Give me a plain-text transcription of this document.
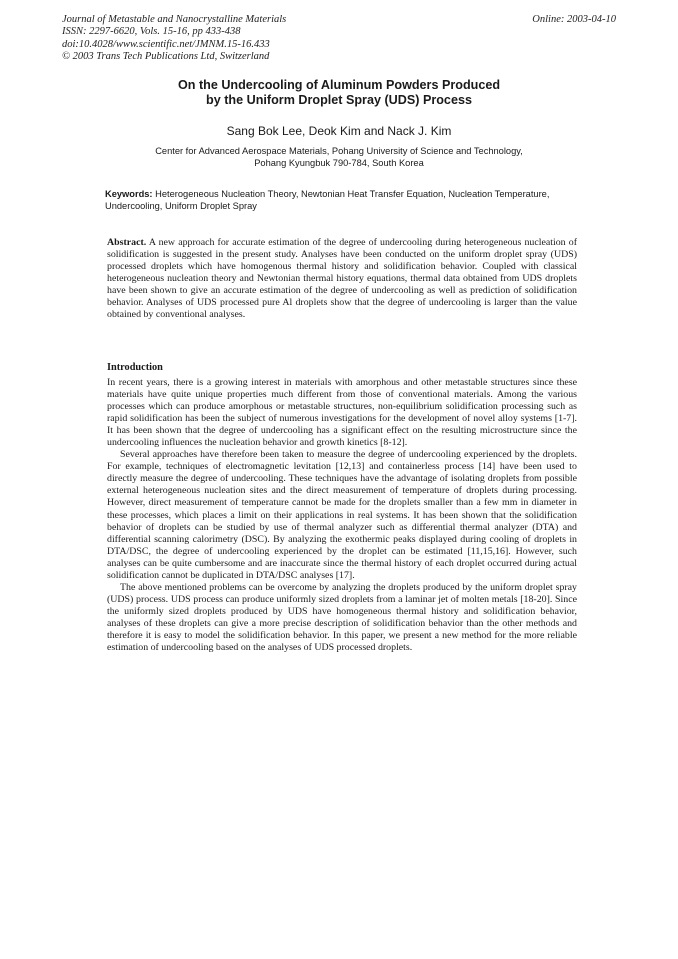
Journal of Metastable and Nanocrystalline Materials
ISSN: 2297-6620, Vols. 15-16, pp 433-438
doi:10.4028/www.scientific.net/JMNM.15-16.433
© 2003 Trans Tech Publications Ltd, Switzerland
Online: 2003-04-10
On the Undercooling of Aluminum Powders Produced
by the Uniform Droplet Spray (UDS) Process
Sang Bok Lee, Deok Kim and Nack J. Kim
Center for Advanced Aerospace Materials, Pohang University of Science and Technology,
Pohang Kyungbuk 790-784, South Korea
Keywords: Heterogeneous Nucleation Theory, Newtonian Heat Transfer Equation, Nucleation Temperature, Undercooling, Uniform Droplet Spray
Abstract. A new approach for accurate estimation of the degree of undercooling during heterogeneous nucleation of solidification is suggested in the present study. Analyses have been conducted on the uniform droplet spray (UDS) processed droplets which have homogenous thermal history and solidification behavior. Coupled with classical heterogeneous nucleation theory and Newtonian thermal history equations, thermal data obtained from UDS droplets have been shown to give an accurate estimation of the degree of undercooling as well as prediction of solidification behavior. Analyses of UDS processed pure Al droplets show that the degree of undercooling is larger than the value obtained by conventional analyses.
Introduction

In recent years, there is a growing interest in materials with amorphous and other metastable structures since these materials have quite unique properties much different from those of conventional materials. Among the various processes which can produce amorphous or metastable structures, non-equilibrium solidification processing such as rapid solidification has been the subject of numerous investigations for the development of novel alloy systems [1-7]. It has been shown that the degree of undercooling has a significant effect on the resulting microstructure since the undercooling influences the nucleation behavior and growth kinetics [8-12].

Several approaches have therefore been taken to measure the degree of undercooling experienced by the droplets. For example, techniques of electromagnetic levitation [12,13] and containerless process [14] have been used to directly measure the degree of undercooling. These techniques have the advantage of isolating droplets from possible external heterogeneous nucleation sites and the direct measurement of temperature of droplets during processing. However, direct measurement of temperature cannot be made for the droplets smaller than a few mm in diameter in these processes, which places a limit on their applications in real systems. It has been shown that the solidification behavior of droplets can be studied by use of thermal analyzer such as differential thermal analyzer (DTA) and differential scanning calorimetry (DSC). By analyzing the exothermic peaks displayed during cooling of droplets in DTA/DSC, the degree of undercooling experienced by the droplet can be estimated [11,15,16]. However, such analyses can be quite cumbersome and are inaccurate since the thermal history of each droplet occurred during actual solidification cannot be duplicated in DTA/DSC analyses [17].

The above mentioned problems can be overcome by analyzing the droplets produced by the uniform droplet spray (UDS) process. UDS process can produce uniformly sized droplets from a laminar jet of molten metals [18-20]. Since the uniformly sized droplets produced by UDS have homogeneous thermal history and solidification behavior, analyses of these droplets can give a more precise description of solidification behavior than the other methods and therefore it is easy to model the solidification behavior. In this paper, we present a new method for the more reliable estimation of undercooling based on the analyses of UDS processed droplets.
